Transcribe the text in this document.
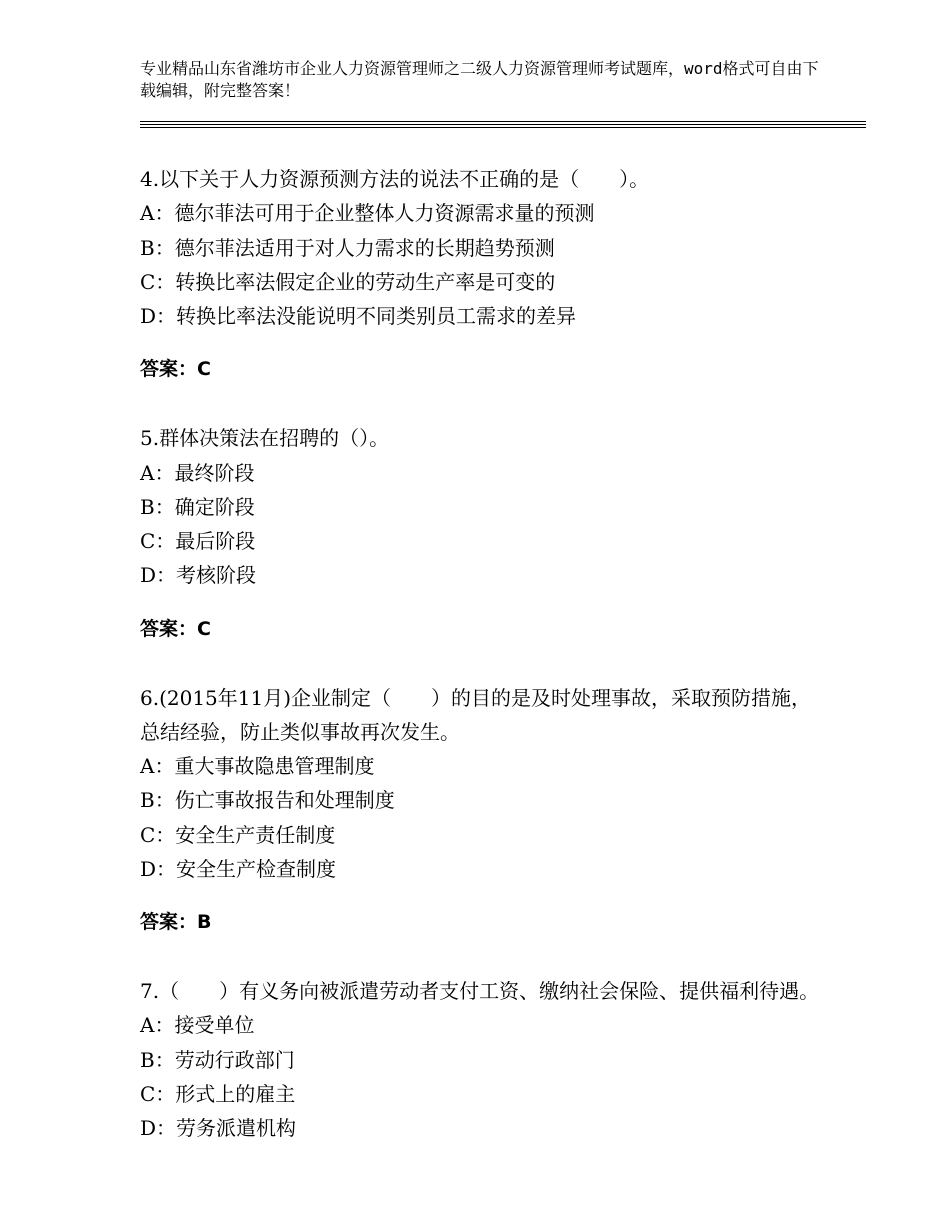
专业精品山东省潍坊市企业人力资源管理师之二级人力资源管理师考试题库，word格式可自由下载编辑，附完整答案！

4.以下关于人力资源预测方法的说法不正确的是（　　）。

A：德尔菲法可用于企业整体人力资源需求量的预测

B：德尔菲法适用于对人力需求的长期趋势预测

C：转换比率法假定企业的劳动生产率是可变的

D：转换比率法没能说明不同类别员工需求的差异

答案：C

5.群体决策法在招聘的（）。

A：最终阶段

B：确定阶段

C：最后阶段

D：考核阶段

答案：C

6.(2015年11月)企业制定（　　）的目的是及时处理事故，采取预防措施，总结经验，防止类似事故再次发生。

A：重大事故隐患管理制度

B：伤亡事故报告和处理制度

C：安全生产责任制度

D：安全生产检查制度

答案：B

7.（　　）有义务向被派遣劳动者支付工资、缴纳社会保险、提供福利待遇。

A：接受单位

B：劳动行政部门

C：形式上的雇主

D：劳务派遣机构
